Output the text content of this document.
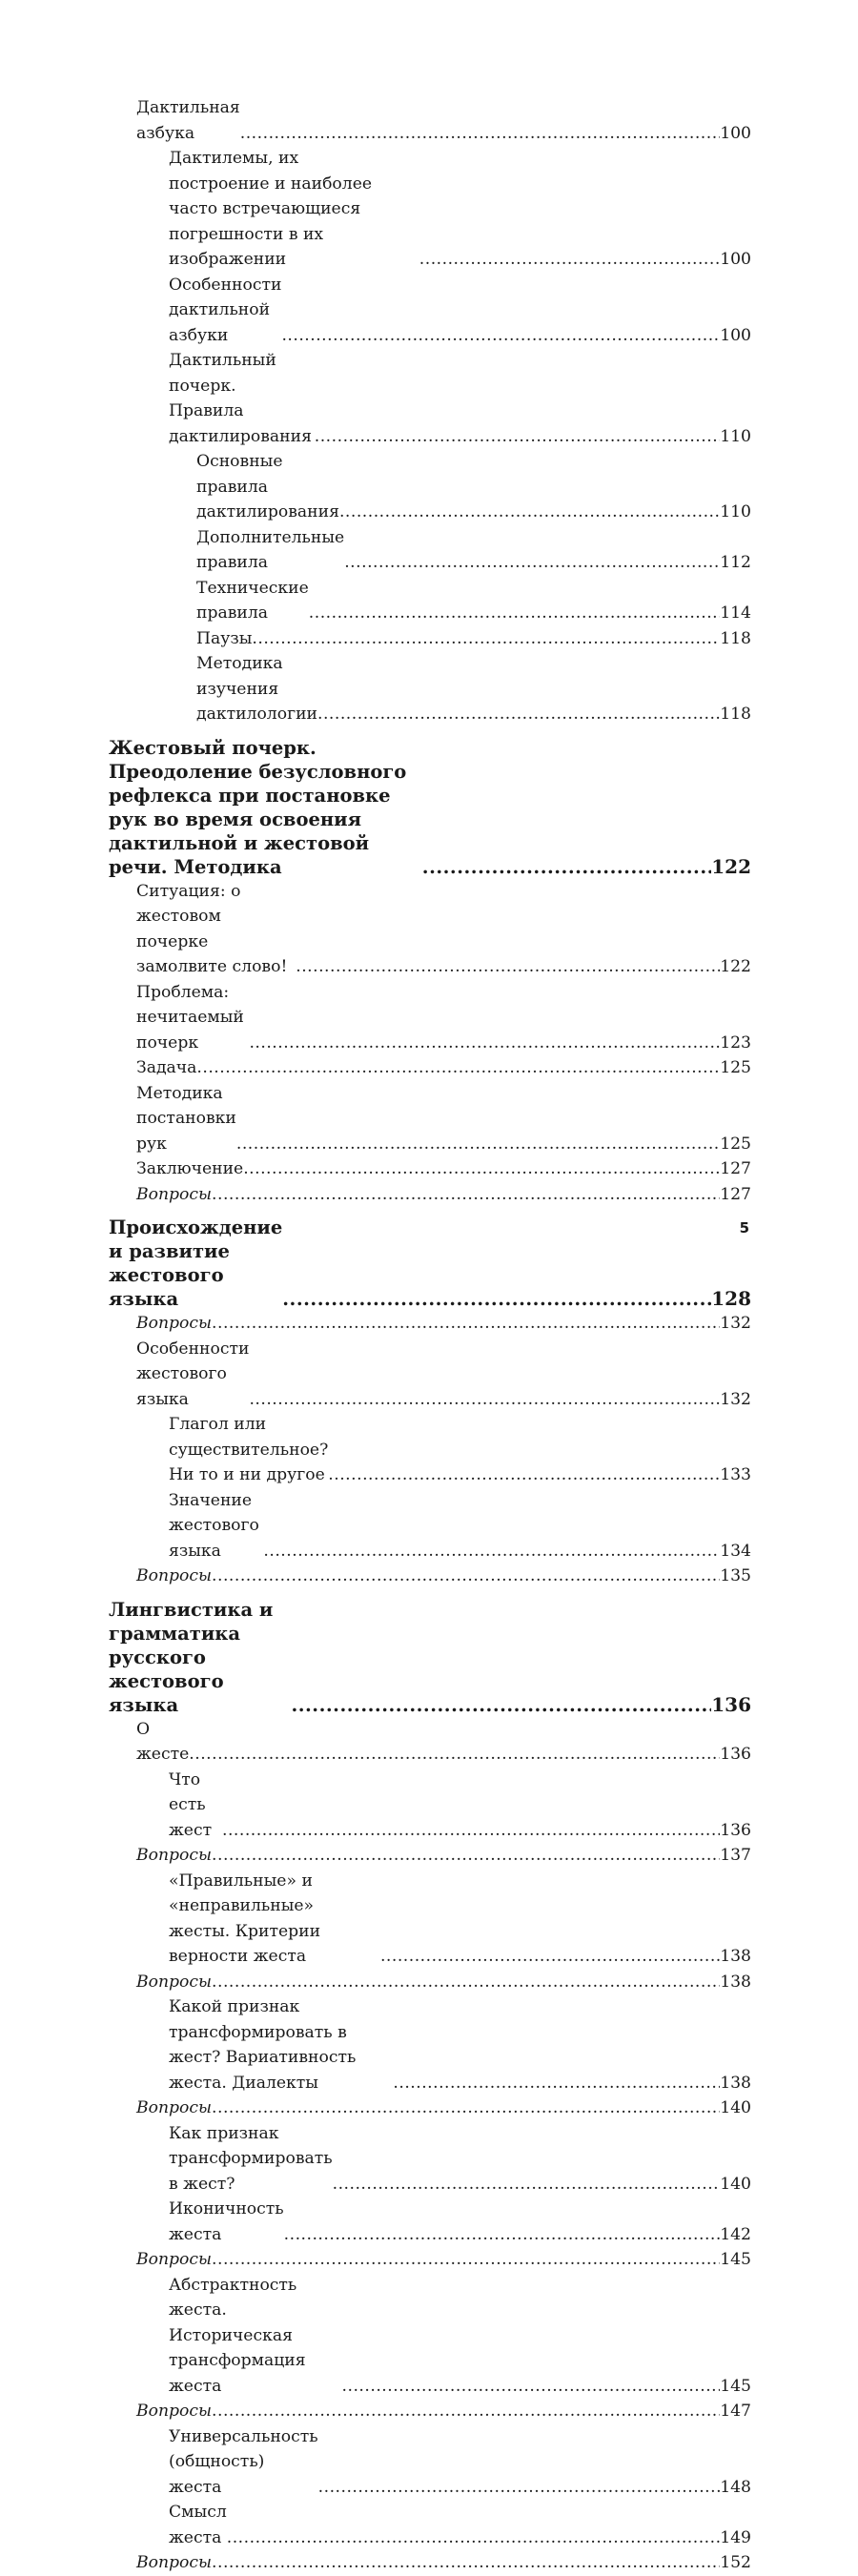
Дактильная азбука .....	100
Дактилемы, их построение и наиболее часто встречающиеся погрешности в их изображении .....	100
Особенности дактильной азбуки .....	100
Дактильный почерк. Правила дактилирования .....	110
Основные правила дактилирования .....	110
Дополнительные правила .....	112
Технические правила .....	114
Паузы .....	118
Методика изучения дактилологии .....	118
Жестовый почерк. Преодоление безусловного рефлекса при постановке рук во время освоения дактильной и жестовой речи. Методика .....	122
Ситуация: о жестовом почерке замолвите слово! .....	122
Проблема: нечитаемый почерк .....	123
Задача .....	125
Методика постановки рук .....	125
Заключение .....	127
Вопросы .....	127
Происхождение и развитие жестового языка .....	128
Вопросы .....	132
Особенности жестового языка .....	132
Глагол или существительное? Ни то и ни другое .....	133
Значение жестового языка .....	134
Вопросы .....	135
Лингвистика и грамматика русского жестового языка .....	136
О жесте .....	136
Что есть жест .....	136
Вопросы .....	137
«Правильные» и «неправильные» жесты. Критерии верности жеста .....	138
Вопросы .....	138
Какой признак трансформировать в жест? Вариативность жеста. Диалекты .....	138
Вопросы .....	140
Как признак трансформировать в жест? .....	140
Иконичность жеста .....	142
Вопросы .....	145
Абстрактность жеста. Историческая трансформация жеста .....	145
Вопросы .....	147
Универсальность (общность) жеста .....	148
Смысл жеста .....	149
Вопросы .....	152
5
